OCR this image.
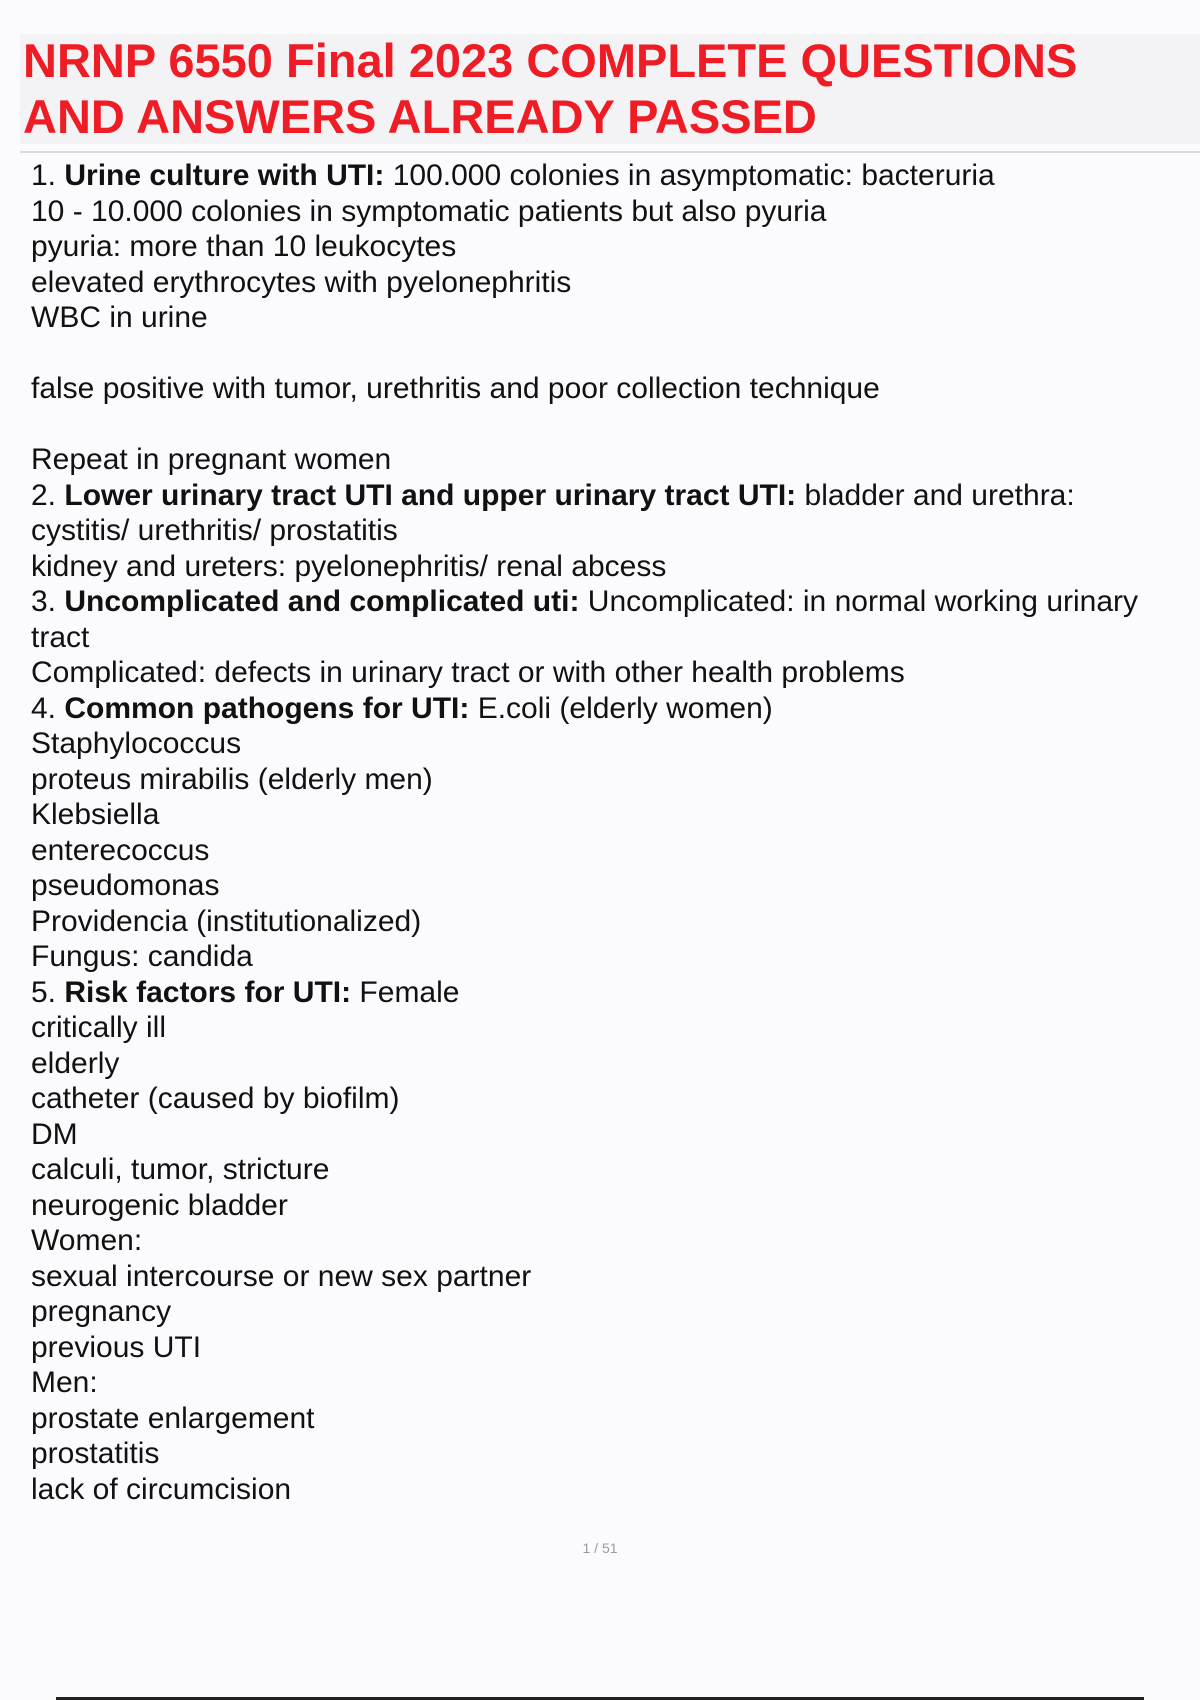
NRNP 6550 Final 2023 COMPLETE QUESTIONS
AND ANSWERS ALREADY PASSED
1. Urine culture with UTI: 100.000 colonies in asymptomatic: bacteruria
10 - 10.000 colonies in symptomatic patients but also pyuria
pyuria: more than 10 leukocytes
elevated erythrocytes with pyelonephritis
WBC in urine
false positive with tumor, urethritis and poor collection technique
Repeat in pregnant women
2. Lower urinary tract UTI and upper urinary tract UTI: bladder and urethra:
cystitis/ urethritis/ prostatitis
kidney and ureters: pyelonephritis/ renal abcess
3. Uncomplicated and complicated uti: Uncomplicated: in normal working urinary
tract
Complicated: defects in urinary tract or with other health problems
4. Common pathogens for UTI: E.coli (elderly women)
Staphylococcus
proteus mirabilis (elderly men)
Klebsiella
enterecoccus
pseudomonas
Providencia (institutionalized)
Fungus: candida
5. Risk factors for UTI: Female
critically ill
elderly
catheter (caused by biofilm)
DM
calculi, tumor, stricture
neurogenic bladder
Women:
sexual intercourse or new sex partner
pregnancy
previous UTI
Men:
prostate enlargement
prostatitis
lack of circumcision
1 / 51
